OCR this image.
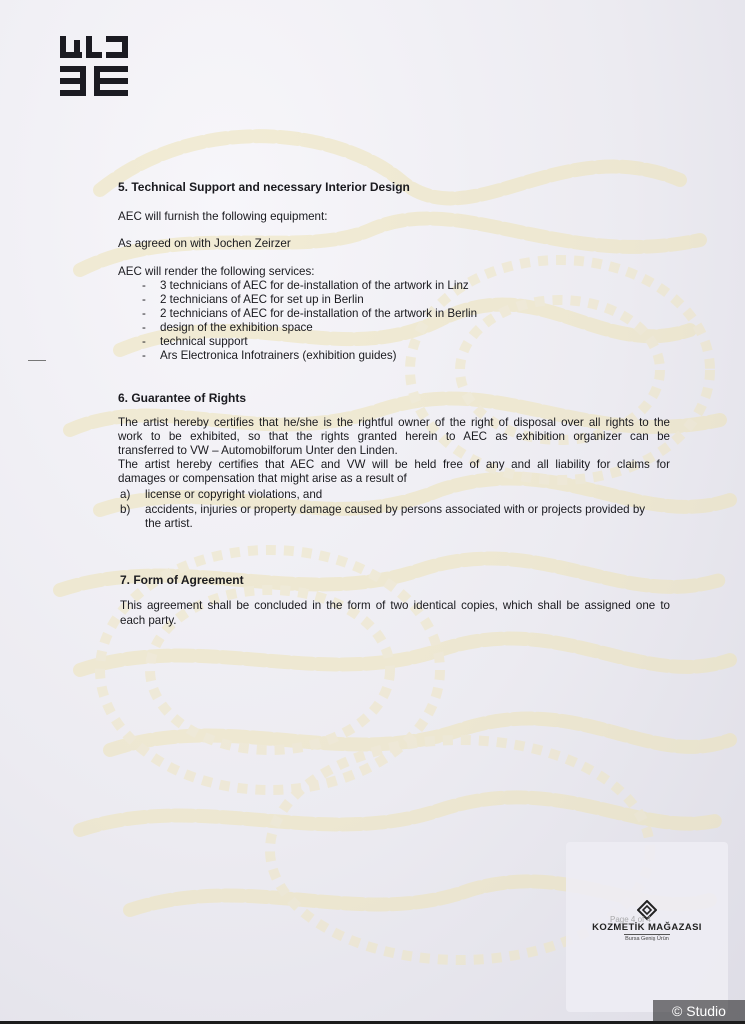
5. Technical Support and necessary Interior Design
AEC will furnish the following equipment:
As agreed on with Jochen Zeirzer
AEC will render the following services:
- 3 technicians of AEC for de-installation of the artwork in Linz
- 2 technicians of AEC for set up in Berlin
- 2 technicians of AEC for de-installation of the artwork in Berlin
- design of the exhibition space
- technical support
- Ars Electronica Infotrainers (exhibition guides)
6. Guarantee of Rights
The artist hereby certifies that he/she is the rightful owner of the right of disposal over all rights to the
work to be exhibited, so that the rights granted herein to AEC as exhibition organizer can be
transferred to VW – Automobilforum Unter den Linden.
The artist hereby certifies that AEC and VW will be held free of any and all liability for claims for
damages or compensation that might arise as a result of
a) license or copyright violations, and
b) accidents, injuries or property damage caused by persons associated with or projects provided by
the artist.
7. Form of Agreement
This agreement shall be concluded in the form of two identical copies, which shall be assigned one to
each party.
Page 4 of 4
KOZMETİK MAĞAZASI
Bursa Geniş Ürün
© Studio
